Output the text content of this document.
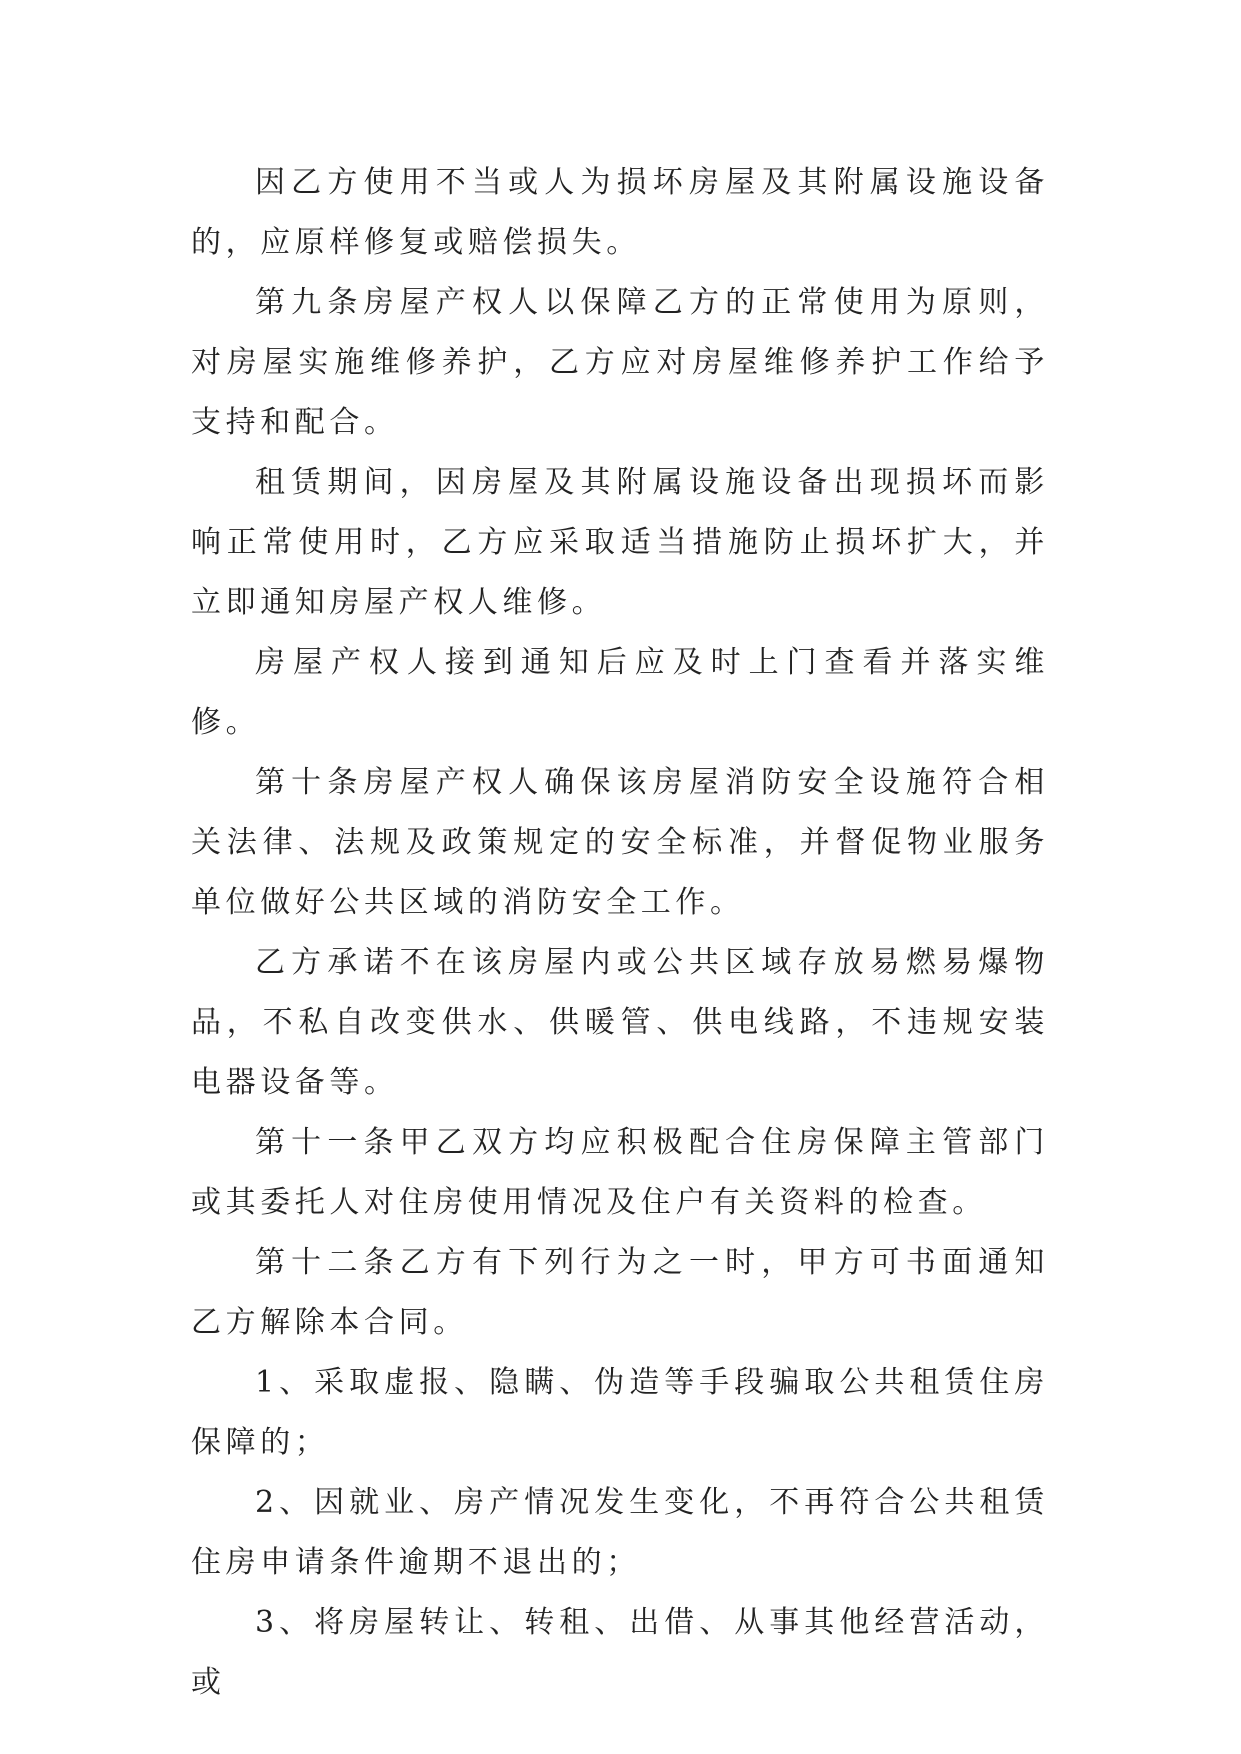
因乙方使用不当或人为损坏房屋及其附属设施设备的，应原样修复或赔偿损失。

第九条房屋产权人以保障乙方的正常使用为原则，对房屋实施维修养护，乙方应对房屋维修养护工作给予支持和配合。

租赁期间，因房屋及其附属设施设备出现损坏而影响正常使用时，乙方应采取适当措施防止损坏扩大，并立即通知房屋产权人维修。

房屋产权人接到通知后应及时上门查看并落实维修。

第十条房屋产权人确保该房屋消防安全设施符合相关法律、法规及政策规定的安全标准，并督促物业服务单位做好公共区域的消防安全工作。

乙方承诺不在该房屋内或公共区域存放易燃易爆物品，不私自改变供水、供暖管、供电线路，不违规安装电器设备等。

第十一条甲乙双方均应积极配合住房保障主管部门或其委托人对住房使用情况及住户有关资料的检查。

第十二条乙方有下列行为之一时，甲方可书面通知乙方解除本合同。

1、采取虚报、隐瞒、伪造等手段骗取公共租赁住房保障的；

2、因就业、房产情况发生变化，不再符合公共租赁住房申请条件逾期不退出的；

3、将房屋转让、转租、出借、从事其他经营活动，或
